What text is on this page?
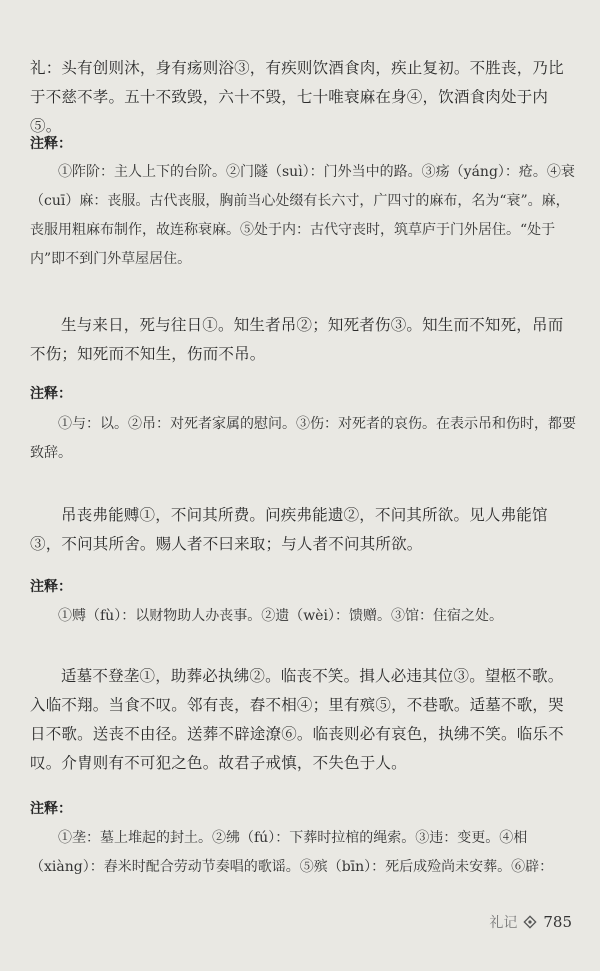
礼：头有创则沐，身有疡则浴③，有疾则饮酒食肉，疾止复初。不胜丧，乃比于不慈不孝。五十不致毁，六十不毁，七十唯衰麻在身④，饮酒食肉处于内⑤。

注释：

①阼阶：主人上下的台阶。②门隧（suì）：门外当中的路。③疡（yáng）：疮。④衰（cuī）麻：丧服。古代丧服，胸前当心处缀有长六寸，广四寸的麻布，名为“衰”。麻，丧服用粗麻布制作，故连称衰麻。⑤处于内：古代守丧时，筑草庐于门外居住。“处于内”即不到门外草屋居住。

生与来日，死与往日①。知生者吊②；知死者伤③。知生而不知死，吊而不伤；知死而不知生，伤而不吊。

注释：

①与：以。②吊：对死者家属的慰问。③伤：对死者的哀伤。在表示吊和伤时，都要致辞。

吊丧弗能赙①，不问其所费。问疾弗能遗②，不问其所欲。见人弗能馆③，不问其所舍。赐人者不曰来取；与人者不问其所欲。

注释：

①赙（fù）：以财物助人办丧事。②遗（wèi）：馈赠。③馆：住宿之处。

适墓不登垄①，助葬必执绋②。临丧不笑。揖人必违其位③。望柩不歌。入临不翔。当食不叹。邻有丧，舂不相④；里有殡⑤，不巷歌。适墓不歌，哭日不歌。送丧不由径。送葬不辟途潦⑥。临丧则必有哀色，执绋不笑。临乐不叹。介胄则有不可犯之色。故君子戒慎，不失色于人。

注释：

①垄：墓上堆起的封土。②绋（fú）：下葬时拉棺的绳索。③违：变更。④相（xiàng）：舂米时配合劳动节奏唱的歌谣。⑤殡（bīn）：死后成殓尚未安葬。⑥辟：

礼记 785
